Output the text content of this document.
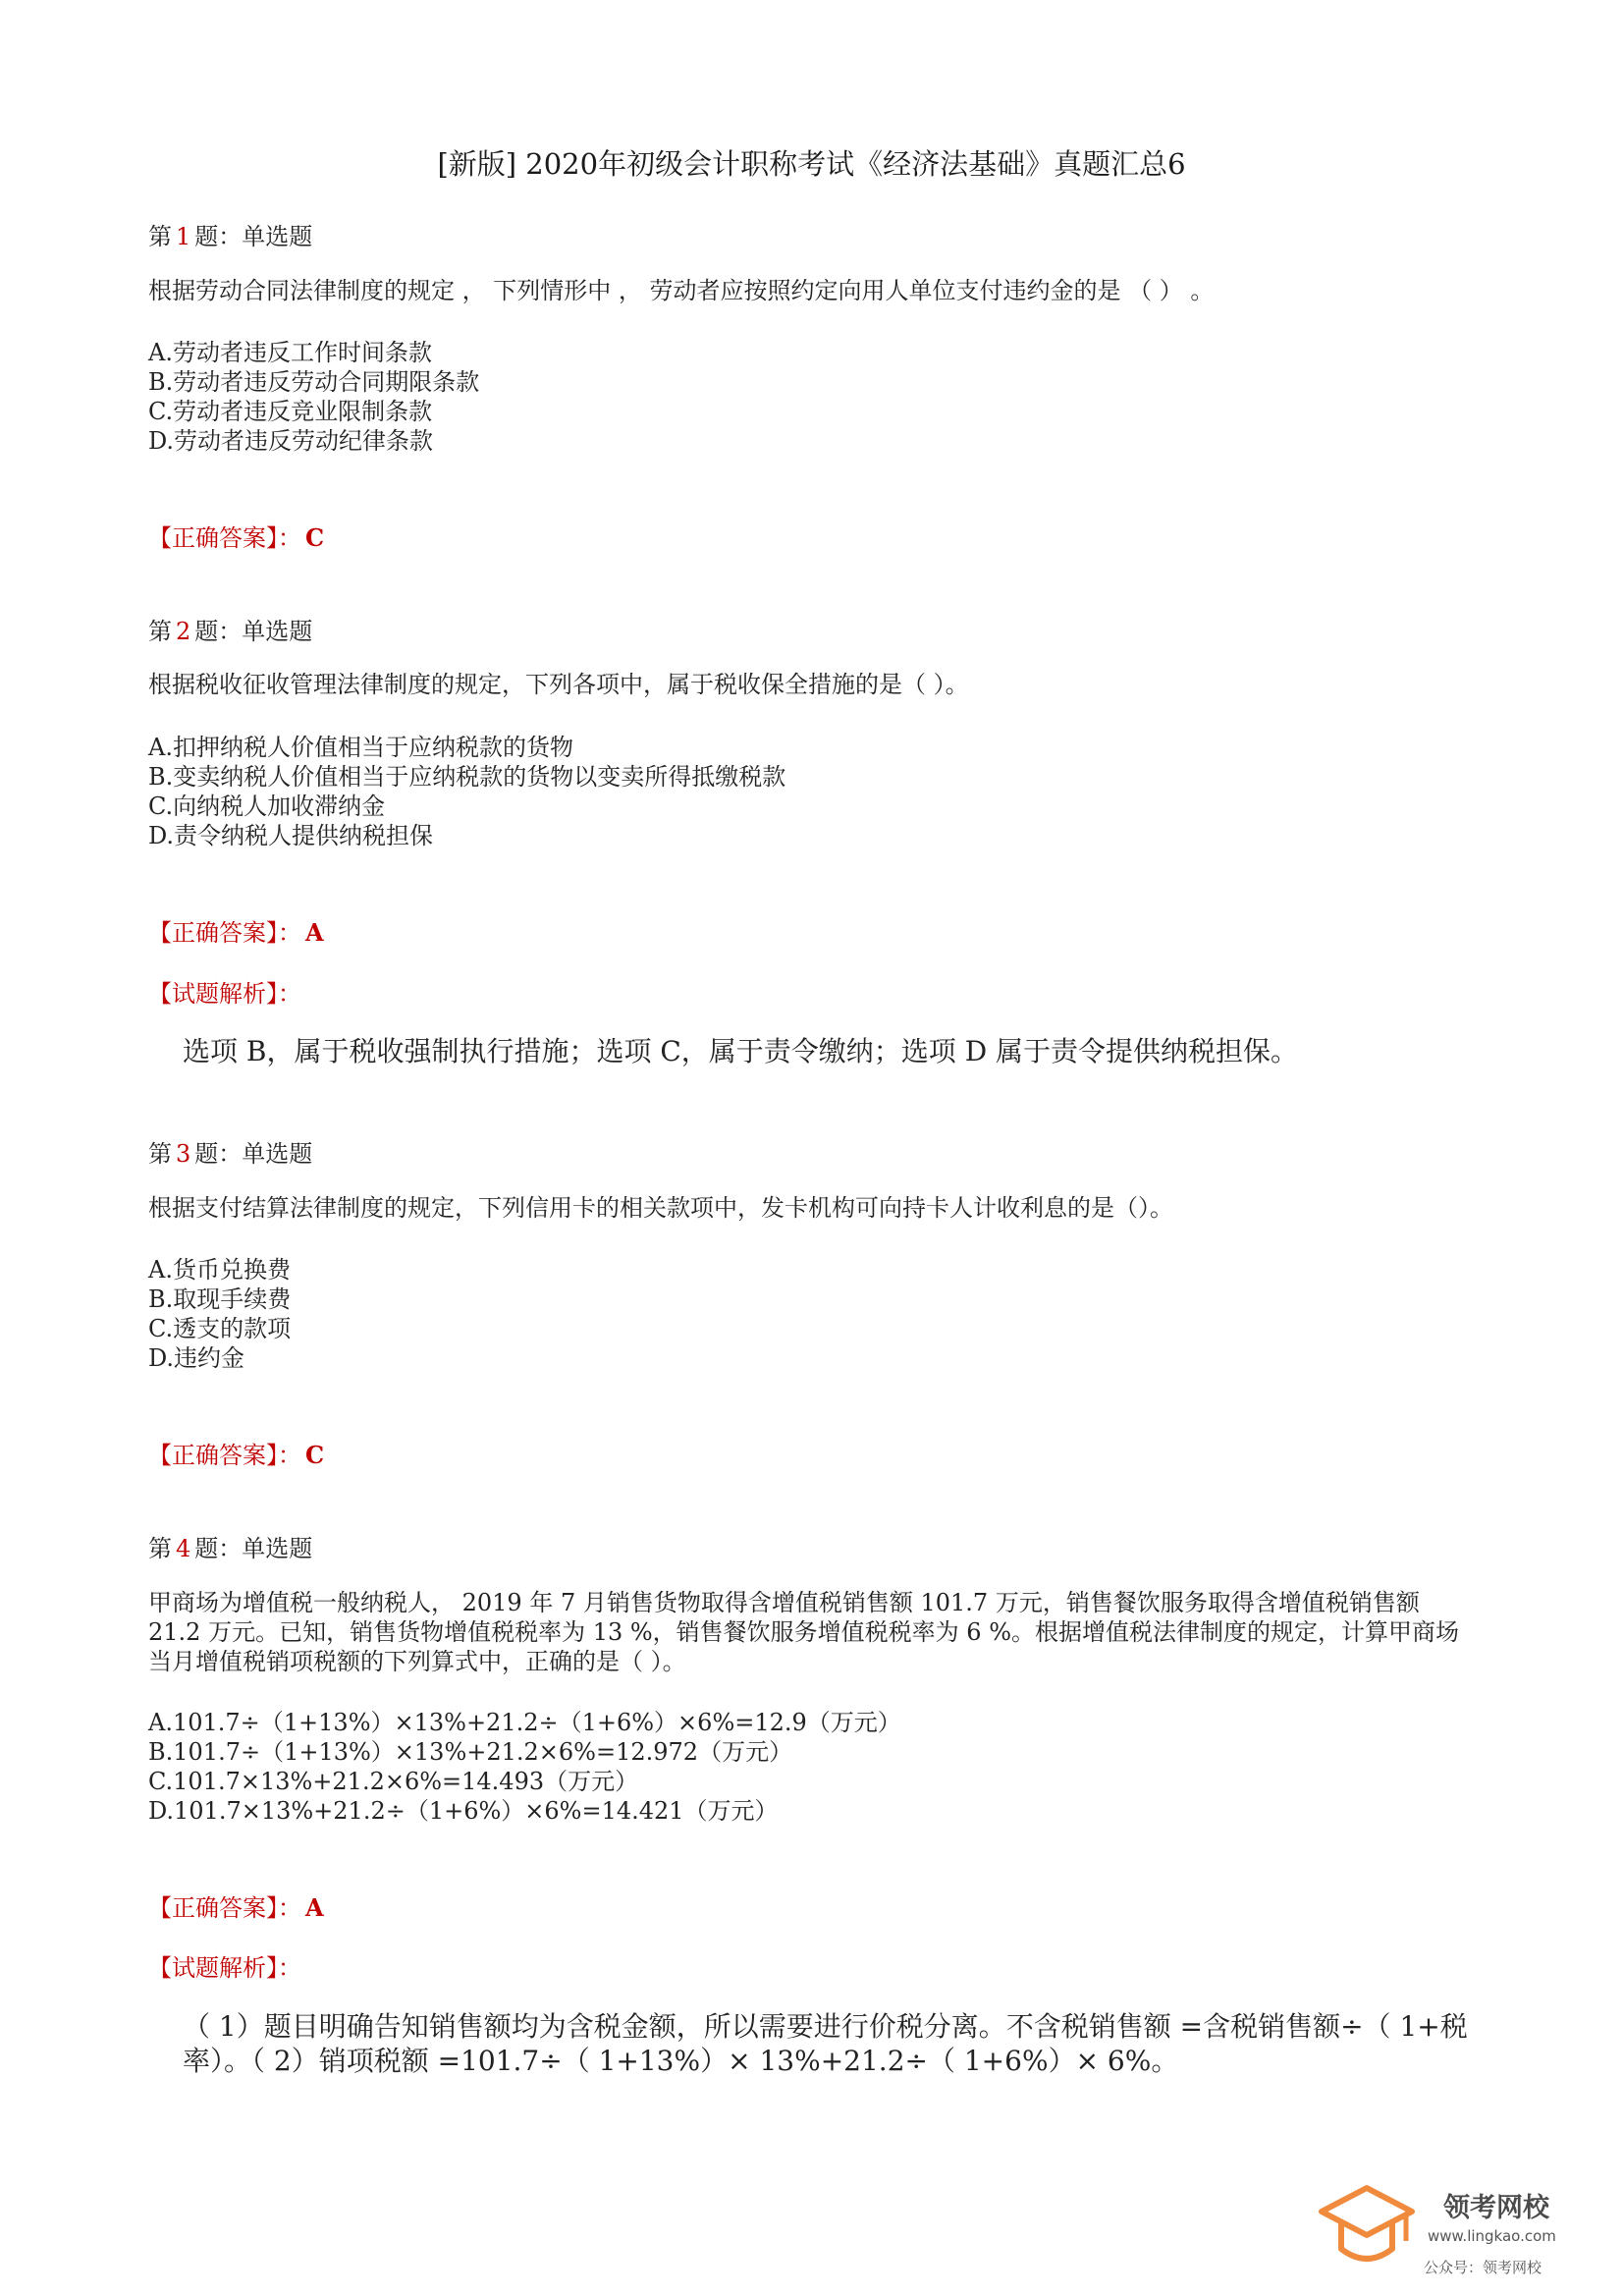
[新版] 2020年初级会计职称考试《经济法基础》真题汇总6
第 1 题：单选题
根据劳动合同法律制度的规定 ， 下列情形中 ， 劳动者应按照约定向用人单位支付违约金的是 （ ） 。
A.劳动者违反工作时间条款
B.劳动者违反劳动合同期限条款
C.劳动者违反竞业限制条款
D.劳动者违反劳动纪律条款
【正确答案】： C
第 2 题：单选题
根据税收征收管理法律制度的规定，下列各项中，属于税收保全措施的是（ ）。
A.扣押纳税人价值相当于应纳税款的货物
B.变卖纳税人价值相当于应纳税款的货物以变卖所得抵缴税款
C.向纳税人加收滞纳金
D.责令纳税人提供纳税担保
【正确答案】： A
【试题解析】：
选项 B，属于税收强制执行措施；选项 C，属于责令缴纳；选项 D 属于责令提供纳税担保。
第 3 题：单选题
根据支付结算法律制度的规定，下列信用卡的相关款项中，发卡机构可向持卡人计收利息的是（）。
A.货币兑换费
B.取现手续费
C.透支的款项
D.违约金
【正确答案】： C
第 4 题：单选题
甲商场为增值税一般纳税人， 2019 年 7 月销售货物取得含增值税销售额 101.7 万元，销售餐饮服务取得含增值税销售额 21.2 万元。已知，销售货物增值税税率为 13 %，销售餐饮服务增值税税率为 6 %。根据增值税法律制度的规定，计算甲商场当月增值税销项税额的下列算式中，正确的是（ ）。
A.101.7÷（1+13%）×13%+21.2÷（1+6%）×6%=12.9（万元）
B.101.7÷（1+13%）×13%+21.2×6%=12.972（万元）
C.101.7×13%+21.2×6%=14.493（万元）
D.101.7×13%+21.2÷（1+6%）×6%=14.421（万元）
【正确答案】： A
【试题解析】：
（ 1）题目明确告知销售额均为含税金额，所以需要进行价税分离。不含税销售额 =含税销售额÷（ 1+税率）。（ 2）销项税额 =101.7÷（ 1+13%）× 13%+21.2÷（ 1+6%）× 6%。
领考网校
www.lingkao.com
公众号：领考网校
